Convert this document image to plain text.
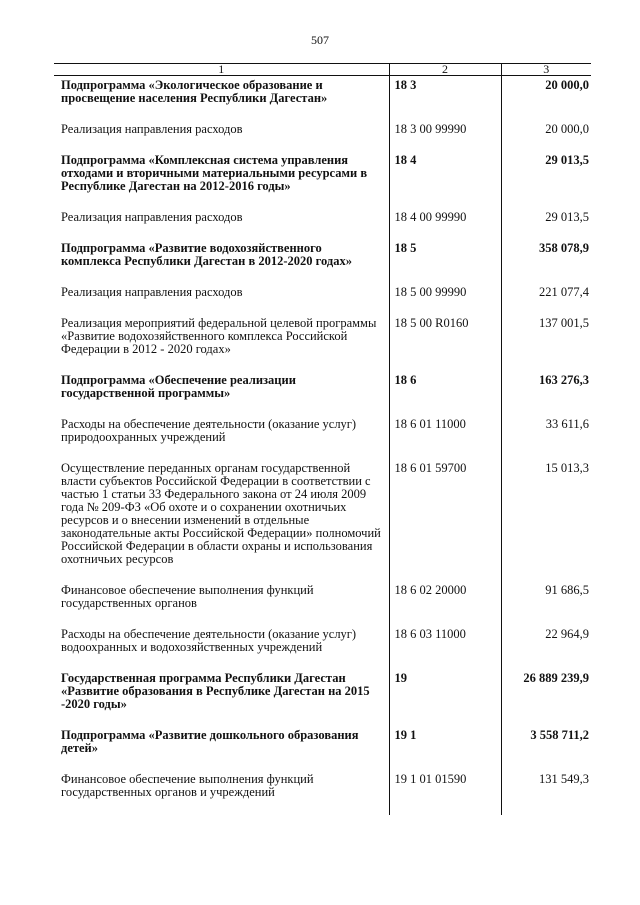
507
1	2	3
Подпрограмма «Экологическое образование и просвещение населения Республики Дагестан»	18 3	20 000,0
Реализация направления расходов	18 3 00 99990	20 000,0
Подпрограмма «Комплексная система управления отходами и вторичными материальными ресурсами в Республике Дагестан на 2012-2016 годы»	18 4	29 013,5
Реализация направления расходов	18 4 00 99990	29 013,5
Подпрограмма «Развитие водохозяйственного комплекса Республики Дагестан в 2012-2020 годах»	18 5	358 078,9
Реализация направления расходов	18 5 00 99990	221 077,4
Реализация мероприятий федеральной целевой программы «Развитие водохозяйственного комплекса Российской Федерации в 2012 - 2020 годах»	18 5 00 R0160	137 001,5
Подпрограмма «Обеспечение реализации государственной программы»	18 6	163 276,3
Расходы на обеспечение деятельности (оказание услуг) природоохранных учреждений	18 6 01 11000	33 611,6
Осуществление переданных органам государственной власти субъектов Российской Федерации в соответствии с частью 1 статьи 33 Федерального закона от 24 июля 2009 года № 209-ФЗ «Об охоте и о сохранении охотничьих ресурсов и о внесении изменений в отдельные законодательные акты Российской Федерации» полномочий Российской Федерации в области охраны и использования охотничьих ресурсов	18 6 01 59700	15 013,3
Финансовое обеспечение выполнения функций государственных органов	18 6 02 20000	91 686,5
Расходы на обеспечение деятельности (оказание услуг) водоохранных и водохозяйственных учреждений	18 6 03 11000	22 964,9
Государственная программа Республики Дагестан «Развитие образования в Республике Дагестан на 2015 -2020 годы»	19	26 889 239,9
Подпрограмма «Развитие дошкольного образования детей»	19 1	3 558 711,2
Финансовое обеспечение выполнения функций государственных органов и учреждений	19 1 01 01590	131 549,3
